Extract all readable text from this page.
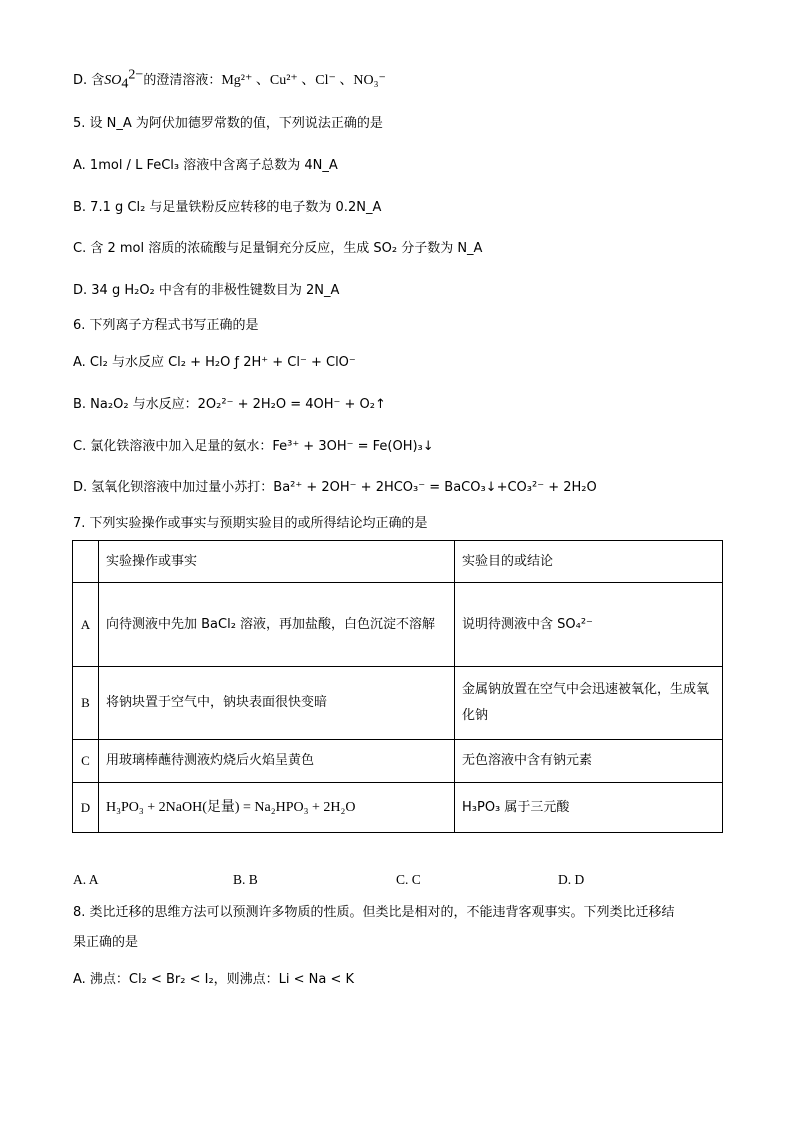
D. 含$SO_4^{2-}$的澄清溶液：Mg²⁺ 、Cu²⁺ 、Cl⁻ 、NO₃⁻
5. 设 N_A 为阿伏加德罗常数的值，下列说法正确的是
A. 1mol / L FeCl₃ 溶液中含离子总数为 4N_A
B. 7.1 g Cl₂ 与足量铁粉反应转移的电子数为 0.2N_A
C. 含 2 mol 溶质的浓硫酸与足量铜充分反应，生成 SO₂ 分子数为 N_A
D. 34 g H₂O₂ 中含有的非极性键数目为 2N_A
6. 下列离子方程式书写正确的是
A. Cl₂ 与水反应 Cl₂ + H₂O ƒ 2H⁺ + Cl⁻ + ClO⁻
B. Na₂O₂ 与水反应：2O₂²⁻ + 2H₂O = 4OH⁻ + O₂↑
C. 氯化铁溶液中加入足量的氨水：Fe³⁺ + 3OH⁻ = Fe(OH)₃↓
D. 氢氧化钡溶液中加过量小苏打：Ba²⁺ + 2OH⁻ + 2HCO₃⁻ = BaCO₃↓+CO₃²⁻ + 2H₂O
7. 下列实验操作或事实与预期实验目的或所得结论均正确的是
	实验操作或事实	实验目的或结论
A	向待测液中先加 BaCl₂ 溶液，再加盐酸，白色沉淀不溶解	说明待测液中含 SO₄²⁻
B	将钠块置于空气中，钠块表面很快变暗	金属钠放置在空气中会迅速被氧化，生成氧化钠
C	用玻璃棒蘸待测液灼烧后火焰呈黄色	无色溶液中含有钠元素
D	H₃PO₃ + 2NaOH(足量) = Na₂HPO₃ + 2H₂O	H₃PO₃ 属于三元酸
A. A	B. B	C. C	D. D
8. 类比迁移的思维方法可以预测许多物质的性质。但类比是相对的，不能违背客观事实。下列类比迁移结
果正确的是
A. 沸点：Cl₂ < Br₂ < I₂，则沸点：Li < Na < K
